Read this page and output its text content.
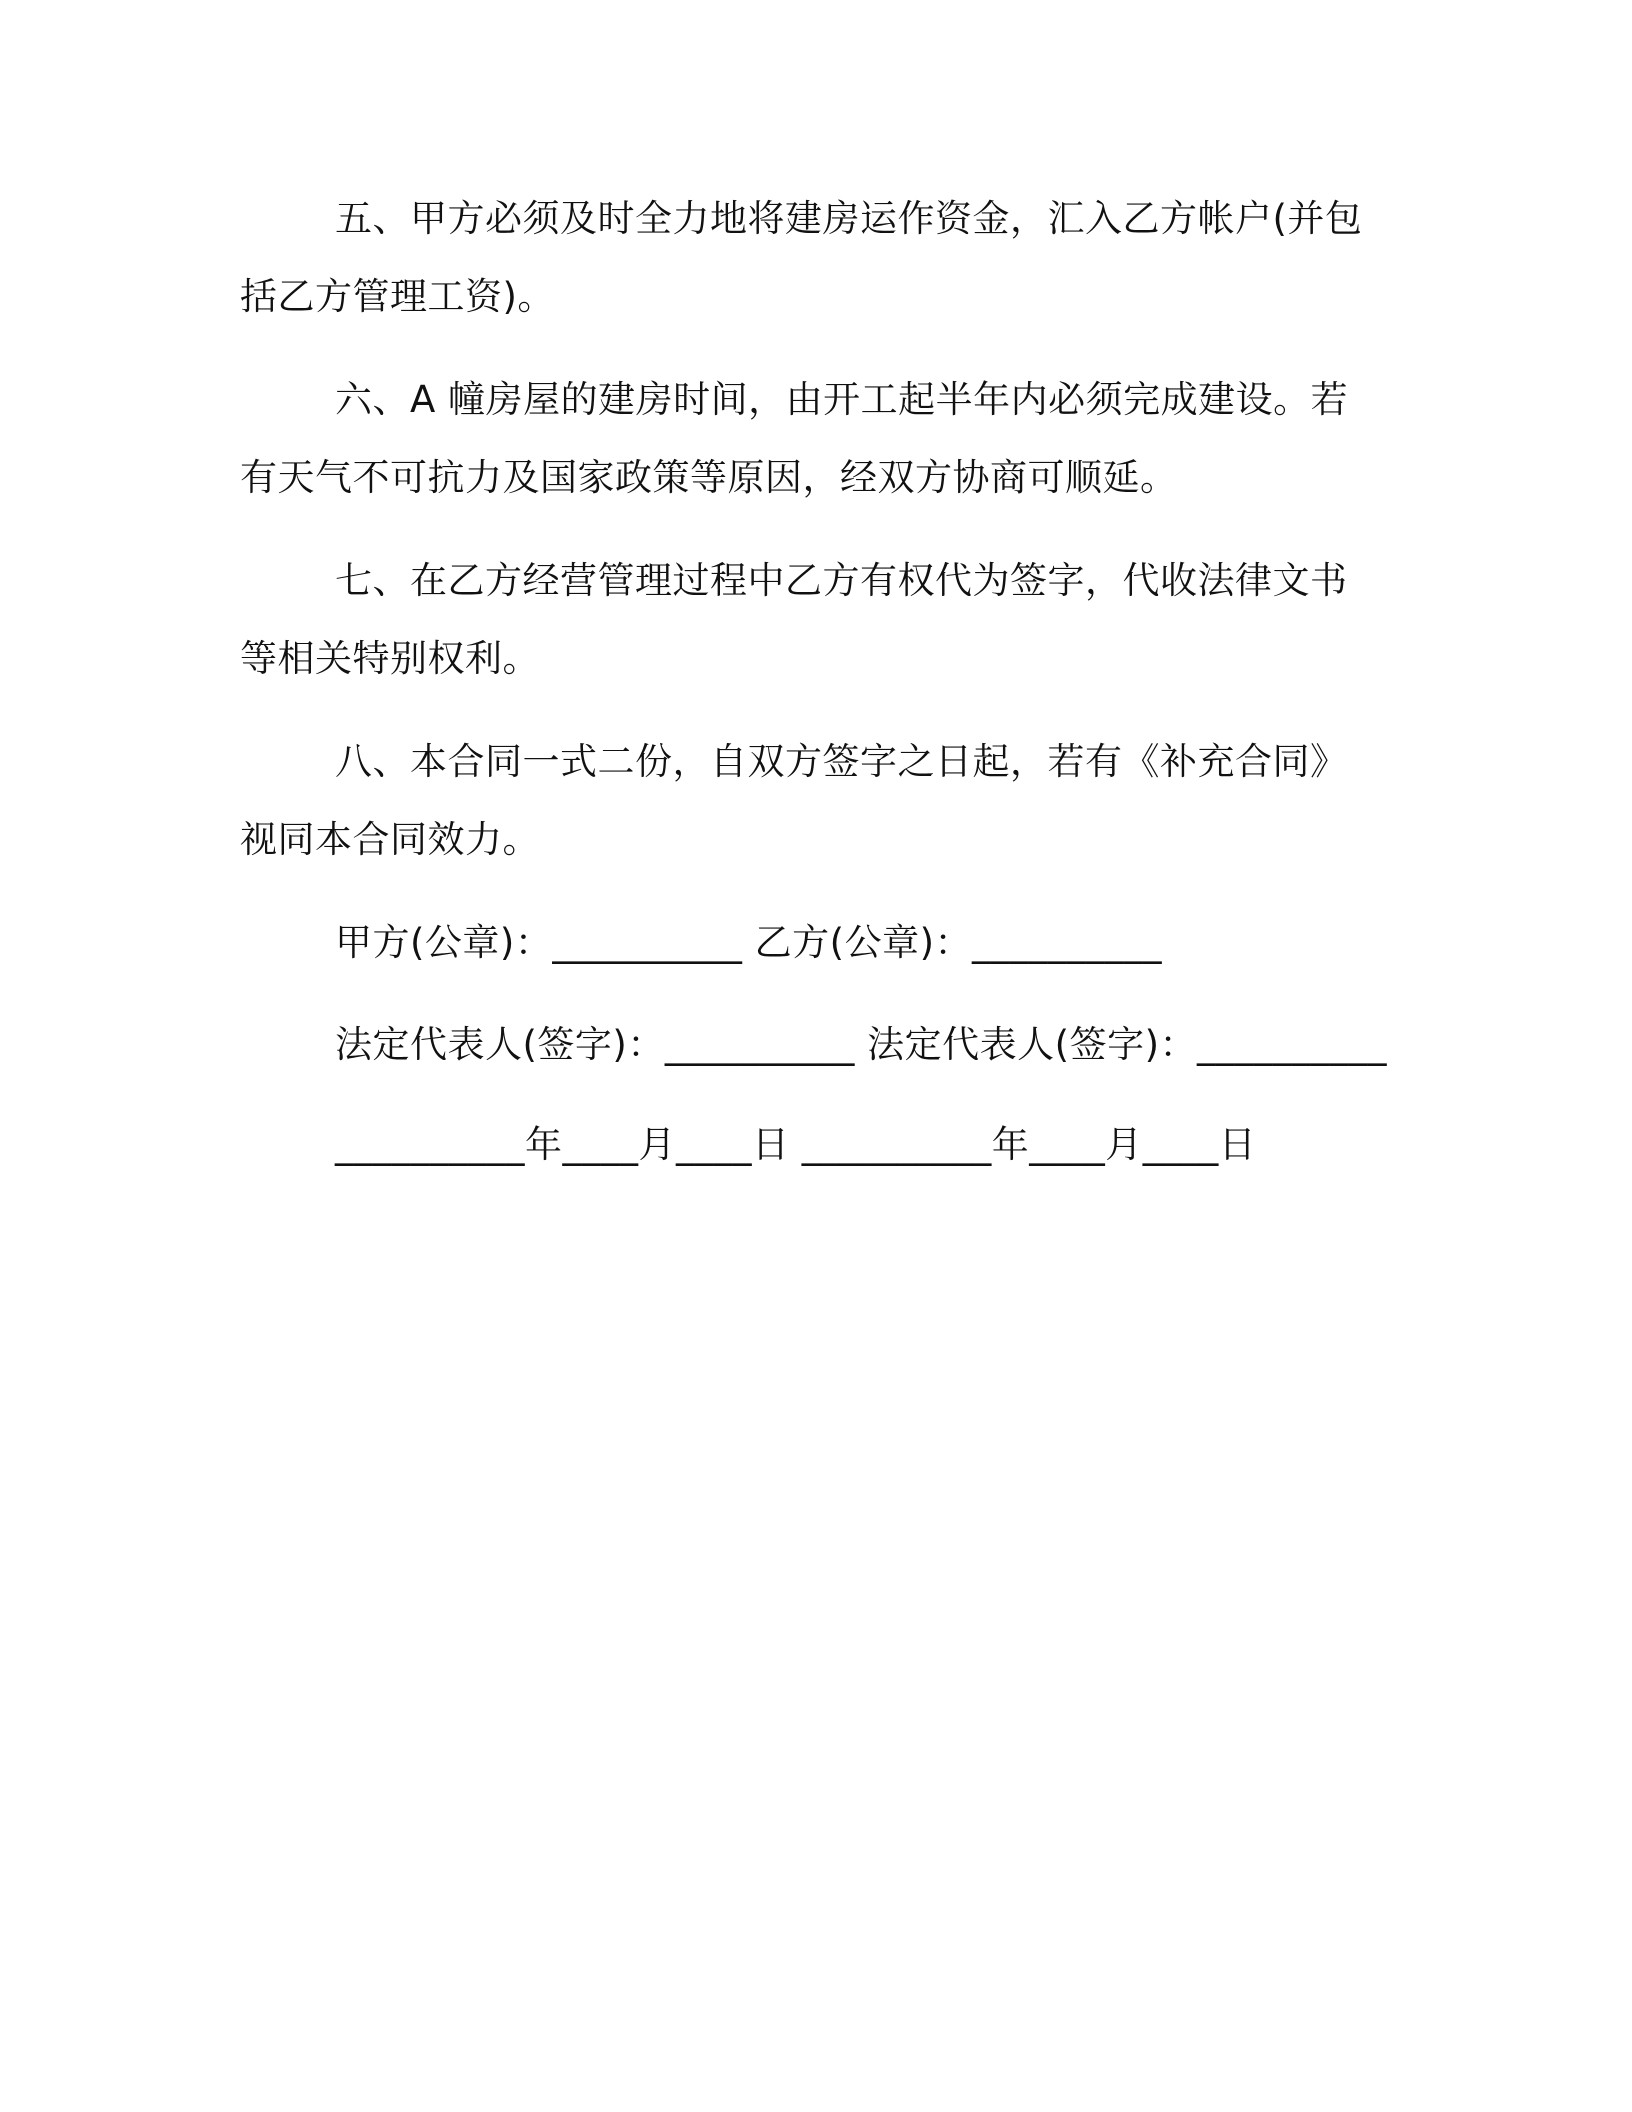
五、甲方必须及时全力地将建房运作资金，汇入乙方帐户(并包括乙方管理工资)。

六、A 幢房屋的建房时间，由开工起半年内必须完成建设。若有天气不可抗力及国家政策等原因，经双方协商可顺延。

七、在乙方经营管理过程中乙方有权代为签字，代收法律文书等相关特别权利。

八、本合同一式二份，自双方签字之日起，若有《补充合同》视同本合同效力。

甲方(公章)：__________ 乙方(公章)：__________

法定代表人(签字)：__________ 法定代表人(签字)：__________

__________年____月____日 __________年____月____日
